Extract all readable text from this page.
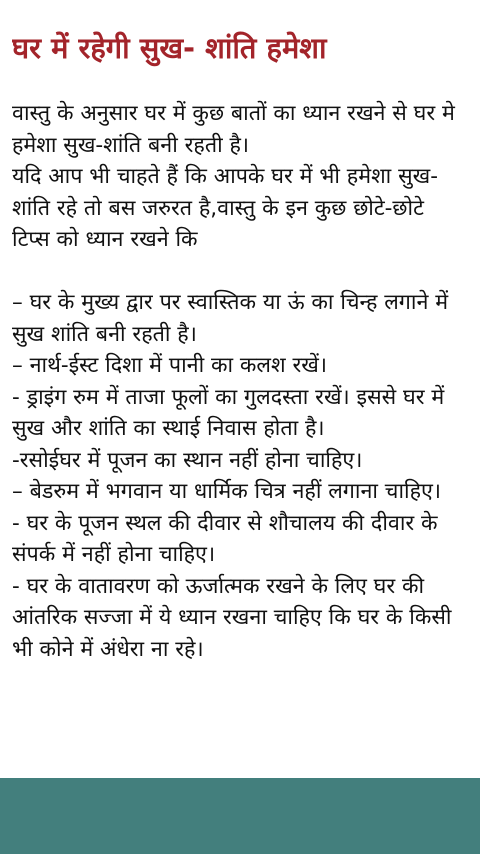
घर में रहेगी सुख- शांति हमेशा

वास्तु के अनुसार घर में कुछ बातों का ध्यान रखने से घर मे हमेशा सुख-शांति बनी रहती है।

यदि आप भी चाहते हैं कि आपके घर में भी हमेशा सुख-शांति रहे तो बस जरुरत है,वास्तु के इन कुछ छोटे-छोटे टिप्स को ध्यान रखने कि

– घर के मुख्य द्वार पर स्वास्तिक या ऊं का चिन्ह लगाने में सुख शांति बनी रहती है।

– नार्थ-ईस्ट दिशा में पानी का कलश रखें।

- ड्राइंग रुम में ताजा फूलों का गुलदस्ता रखें। इससे घर में सुख और शांति का स्थाई निवास होता है।

-रसोईघर में पूजन का स्थान नहीं होना चाहिए।

– बेडरुम में भगवान या धार्मिक चित्र नहीं लगाना चाहिए।

- घर के पूजन स्थल की दीवार से शौचालय की दीवार के संपर्क में नहीं होना चाहिए।

- घर के वातावरण को ऊर्जात्मक रखने के लिए घर की आंतरिक सज्जा में ये ध्यान रखना चाहिए कि घर के किसी भी कोने में अंधेरा ना रहे।
